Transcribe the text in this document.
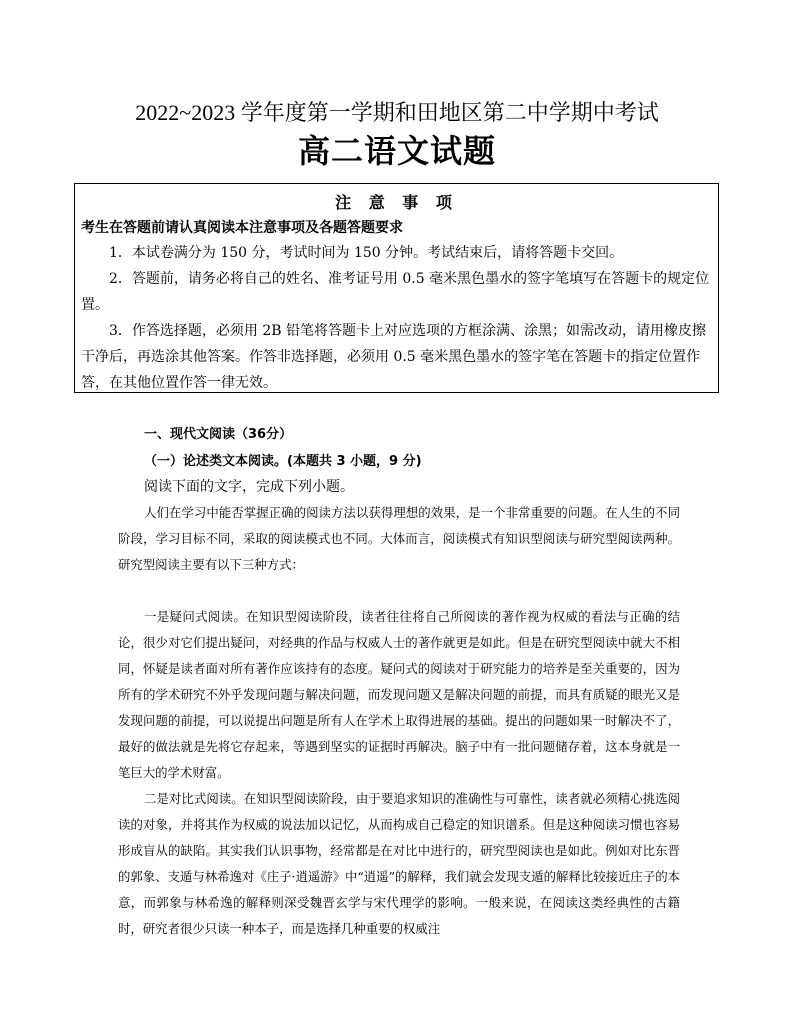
2022~2023 学年度第一学期和田地区第二中学期中考试
高二语文试题
注 意 事 项
考生在答题前请认真阅读本注意事项及各题答题要求

1．本试卷满分为 150 分，考试时间为 150 分钟。考试结束后，请将答题卡交回。

2．答题前，请务必将自己的姓名、准考证号用 0.5 毫米黑色墨水的签字笔填写在答题卡的规定位置。

3．作答选择题，必须用 2B 铅笔将答题卡上对应选项的方框涂满、涂黑；如需改动，请用橡皮擦干净后，再选涂其他答案。作答非选择题，必须用 0.5 毫米黑色墨水的签字笔在答题卡的指定位置作答，在其他位置作答一律无效。

一、现代文阅读（36分）
（一）论述类文本阅读。(本题共 3 小题，9 分)
阅读下面的文字，完成下列小题。

人们在学习中能否掌握正确的阅读方法以获得理想的效果，是一个非常重要的问题。在人生的不同阶段，学习目标不同，采取的阅读模式也不同。大体而言，阅读模式有知识型阅读与研究型阅读两种。研究型阅读主要有以下三种方式：

一是疑问式阅读。在知识型阅读阶段，读者往往将自己所阅读的著作视为权威的看法与正确的结论，很少对它们提出疑问，对经典的作品与权威人士的著作就更是如此。但是在研究型阅读中就大不相同，怀疑是读者面对所有著作应该持有的态度。疑问式的阅读对于研究能力的培养是至关重要的，因为所有的学术研究不外乎发现问题与解决问题，而发现问题又是解决问题的前提，而具有质疑的眼光又是发现问题的前提，可以说提出问题是所有人在学术上取得进展的基础。提出的问题如果一时解决不了，最好的做法就是先将它存起来，等遇到坚实的证据时再解决。脑子中有一批问题储存着，这本身就是一笔巨大的学术财富。

二是对比式阅读。在知识型阅读阶段，由于要追求知识的准确性与可靠性，读者就必须精心挑选阅读的对象，并将其作为权威的说法加以记忆，从而构成自己稳定的知识谱系。但是这种阅读习惯也容易形成盲从的缺陷。其实我们认识事物，经常都是在对比中进行的，研究型阅读也是如此。例如对比东晋的郭象、支遁与林希逸对《庄子·逍遥游》中“逍遥”的解释，我们就会发现支遁的解释比较接近庄子的本意，而郭象与林希逸的解释则深受魏晋玄学与宋代理学的影响。一般来说，在阅读这类经典性的古籍时，研究者很少只读一种本子，而是选择几种重要的权威注
